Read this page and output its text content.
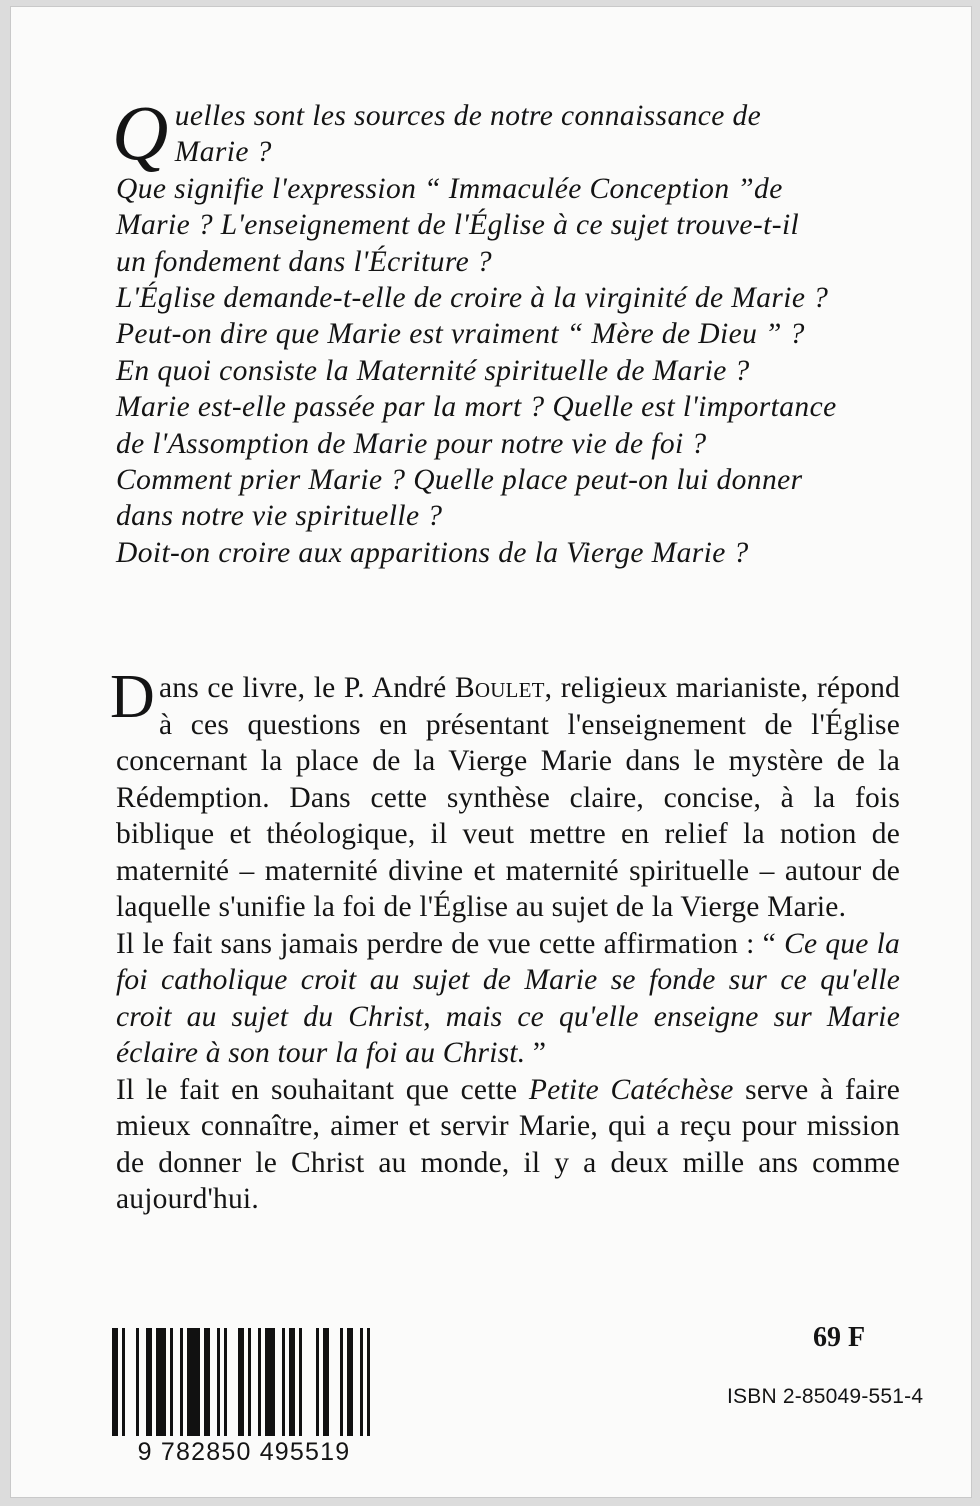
Q uelles sont les sources de notre connaissance de

Marie ?

Que signifie l'expression “ Immaculée Conception ”de

Marie ? L'enseignement de l'Église à ce sujet trouve-t-il

un fondement dans l'Écriture ?

L'Église demande-t-elle de croire à la virginité de Marie ?

Peut-on dire que Marie est vraiment “ Mère de Dieu ” ?

En quoi consiste la Maternité spirituelle de Marie ?

Marie est-elle passée par la mort ? Quelle est l'importance

de l'Assomption de Marie pour notre vie de foi ?

Comment prier Marie ? Quelle place peut-on lui donner

dans notre vie spirituelle ?

Doit-on croire aux apparitions de la Vierge Marie ?

Dans ce livre, le P. André Boulet, religieux marianiste, répond à ces questions en présentant l'enseignement de l'Église concernant la place de la Vierge Marie dans le mystère de la Rédemption. Dans cette synthèse claire, concise, à la fois biblique et théologique, il veut mettre en relief la notion de maternité – maternité divine et maternité spirituelle – autour de laquelle s'unifie la foi de l'Église au sujet de la Vierge Marie.

Il le fait sans jamais perdre de vue cette affirmation : “ Ce que la foi catholique croit au sujet de Marie se fonde sur ce qu'elle croit au sujet du Christ, mais ce qu'elle enseigne sur Marie éclaire à son tour la foi au Christ. ”

Il le fait en souhaitant que cette Petite Catéchèse serve à faire mieux connaître, aimer et servir Marie, qui a reçu pour mission de donner le Christ au monde, il y a deux mille ans comme aujourd'hui.

69 F
9 782850 495519
ISBN 2-85049-551-4
